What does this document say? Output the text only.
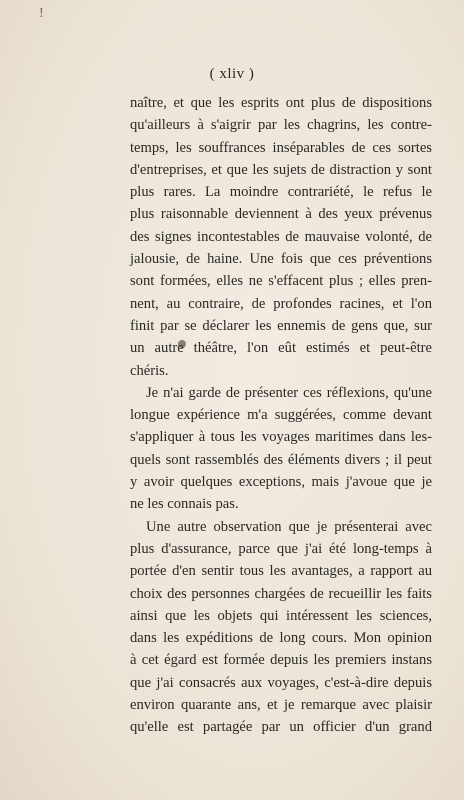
!
( xliv )
naître, et que les esprits ont plus de dispositions
qu'ailleurs à s'aigrir par les chagrins, les contre-
temps, les souffrances inséparables de ces sortes
d'entreprises, et que les sujets de distraction y sont
plus rares. La moindre contrariété, le refus le
plus raisonnable deviennent à des yeux prévenus
des signes incontestables de mauvaise volonté, de
jalousie, de haine. Une fois que ces préventions
sont formées, elles ne s'effacent plus ; elles pren-
nent, au contraire, de profondes racines, et l'on
finit par se déclarer les ennemis de gens que, sur
un autre théâtre, l'on eût estimés et peut-être
chéris.
Je n'ai garde de présenter ces réflexions, qu'une
longue expérience m'a suggérées, comme devant
s'appliquer à tous les voyages maritimes dans les-
quels sont rassemblés des éléments divers ; il peut
y avoir quelques exceptions, mais j'avoue que je
ne les connais pas.
Une autre observation que je présenterai avec
plus d'assurance, parce que j'ai été long-temps à
portée d'en sentir tous les avantages, a rapport au
choix des personnes chargées de recueillir les faits
ainsi que les objets qui intéressent les sciences,
dans les expéditions de long cours. Mon opinion
à cet égard est formée depuis les premiers instans
que j'ai consacrés aux voyages, c'est-à-dire depuis
environ quarante ans, et je remarque avec plaisir
qu'elle est partagée par un officier d'un grand
